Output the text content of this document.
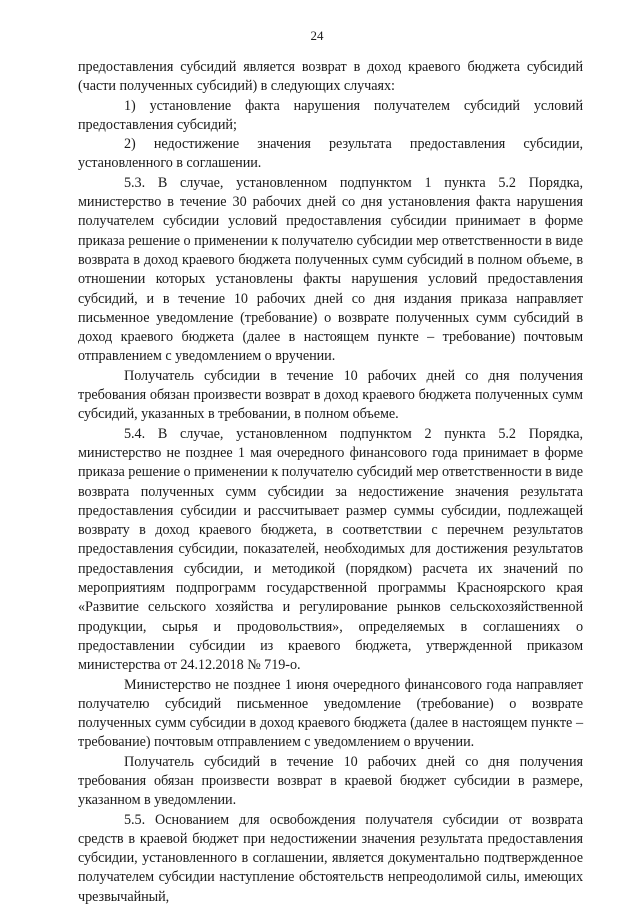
24

предоставления субсидий является возврат в доход краевого бюджета субсидий (части полученных субсидий) в следующих случаях:

1) установление факта нарушения получателем субсидий условий предоставления субсидий;

2) недостижение значения результата предоставления субсидии, установленного в соглашении.

5.3. В случае, установленном подпунктом 1 пункта 5.2 Порядка, министерство в течение 30 рабочих дней со дня установления факта нарушения получателем субсидии условий предоставления субсидии принимает в форме приказа решение о применении к получателю субсидии мер ответственности в виде возврата в доход краевого бюджета полученных сумм субсидий в полном объеме, в отношении которых установлены факты нарушения условий предоставления субсидий, и в течение 10 рабочих дней со дня издания приказа направляет письменное уведомление (требование) о возврате полученных сумм субсидий в доход краевого бюджета (далее в настоящем пункте – требование) почтовым отправлением с уведомлением о вручении.

Получатель субсидии в течение 10 рабочих дней со дня получения требования обязан произвести возврат в доход краевого бюджета полученных сумм субсидий, указанных в требовании, в полном объеме.

5.4. В случае, установленном подпунктом 2 пункта 5.2 Порядка, министерство не позднее 1 мая очередного финансового года принимает в форме приказа решение о применении к получателю субсидий мер ответственности в виде возврата полученных сумм субсидии за недостижение значения результата предоставления субсидии и рассчитывает размер суммы субсидии, подлежащей возврату в доход краевого бюджета, в соответствии с перечнем результатов предоставления субсидии, показателей, необходимых для достижения результатов предоставления субсидии, и методикой (порядком) расчета их значений по мероприятиям подпрограмм государственной программы Красноярского края «Развитие сельского хозяйства и регулирование рынков сельскохозяйственной продукции, сырья и продовольствия», определяемых в соглашениях о предоставлении субсидии из краевого бюджета, утвержденной приказом министерства от 24.12.2018 № 719-о.

Министерство не позднее 1 июня очередного финансового года направляет получателю субсидий письменное уведомление (требование) о возврате полученных сумм субсидии в доход краевого бюджета (далее в настоящем пункте – требование) почтовым отправлением с уведомлением о вручении.

Получатель субсидий в течение 10 рабочих дней со дня получения требования обязан произвести возврат в краевой бюджет субсидии в размере, указанном в уведомлении.

5.5. Основанием для освобождения получателя субсидии от возврата средств в краевой бюджет при недостижении значения результата предоставления субсидии, установленного в соглашении, является документально подтвержденное получателем субсидии наступление обстоятельств непреодолимой силы, имеющих чрезвычайный,
